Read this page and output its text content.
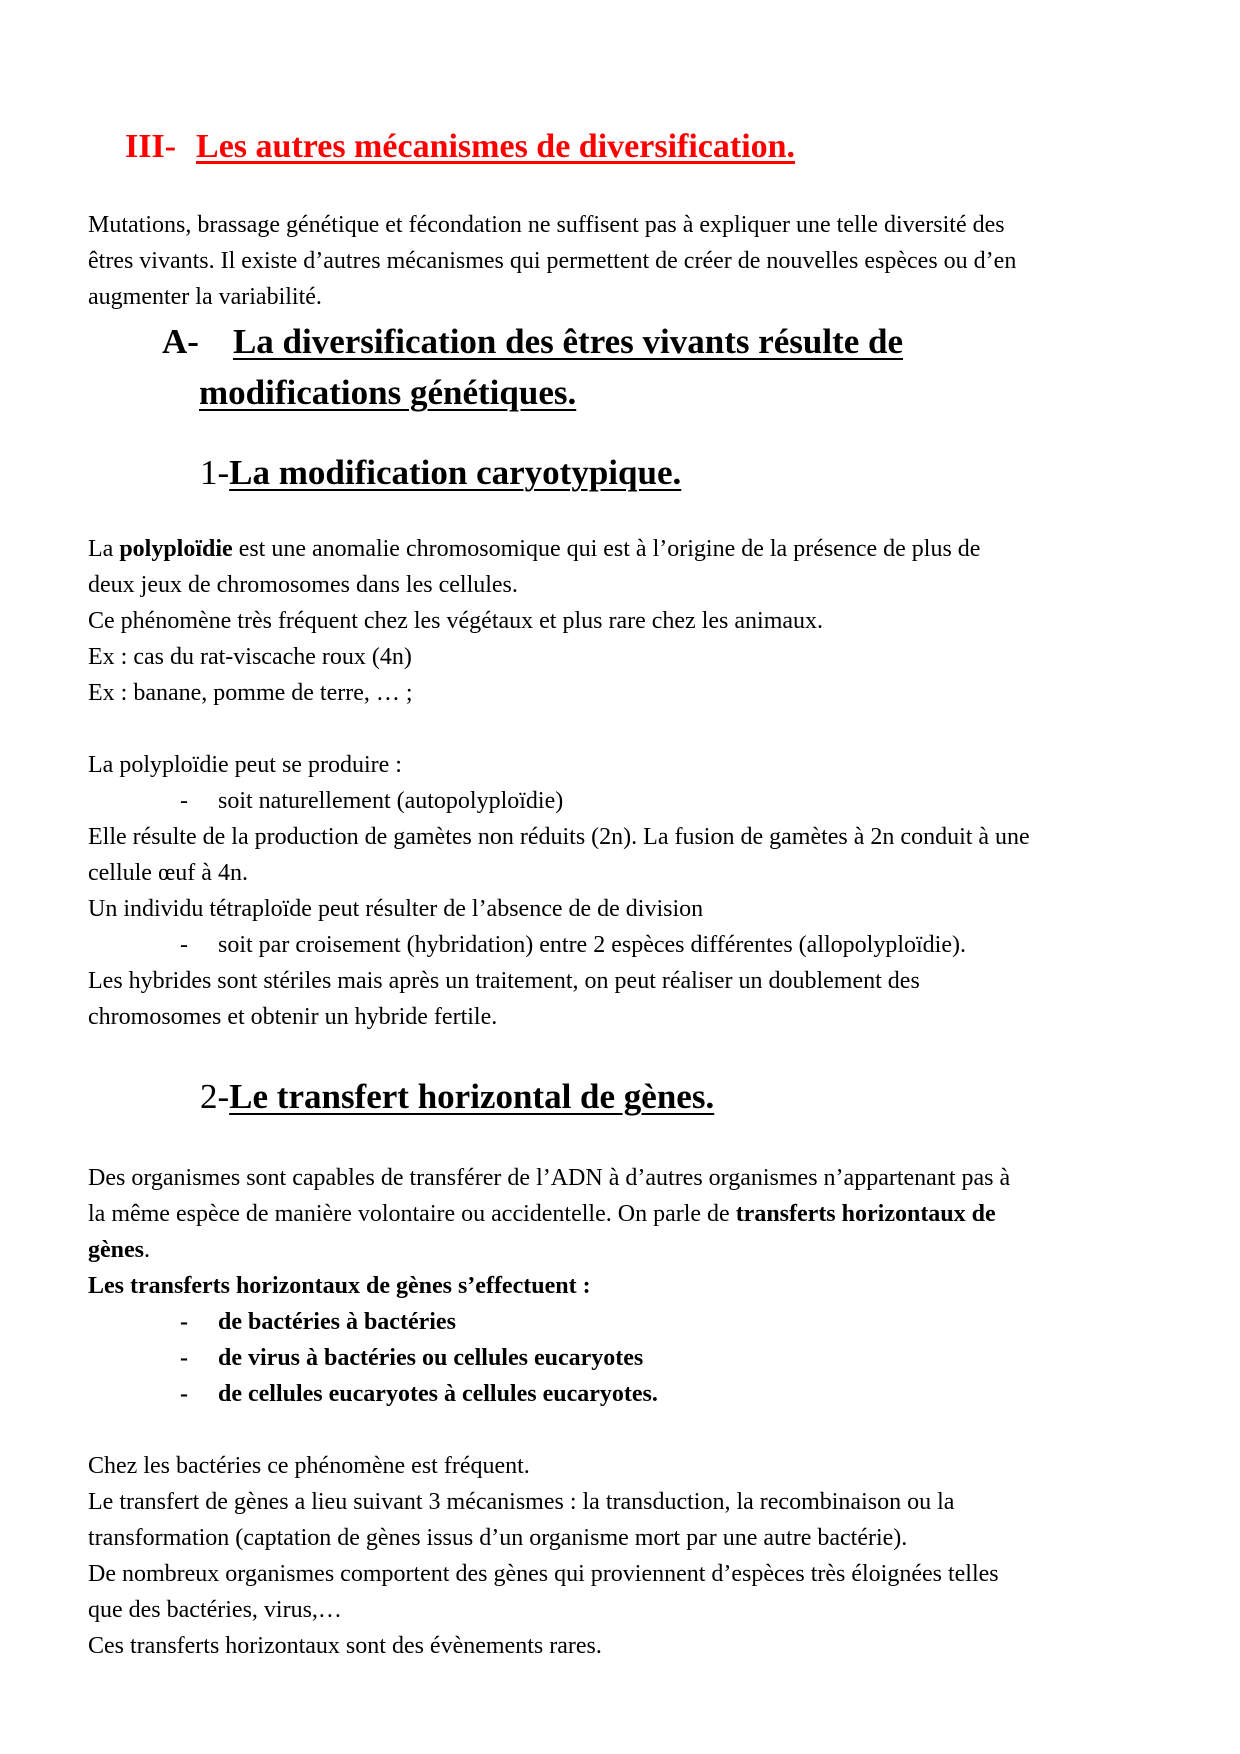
III- Les autres mécanismes de diversification.
Mutations, brassage génétique et fécondation ne suffisent pas à expliquer une telle diversité des
êtres vivants. Il existe d’autres mécanismes qui permettent de créer de nouvelles espèces ou d’en
augmenter la variabilité.
A- La diversification des êtres vivants résulte de
modifications génétiques.
1-La modification caryotypique.
La polyploïdie est une anomalie chromosomique qui est à l’origine de la présence de plus de
deux jeux de chromosomes dans les cellules.
Ce phénomène très fréquent chez les végétaux et plus rare chez les animaux.
Ex : cas du rat-viscache roux (4n)
Ex : banane, pomme de terre, … ;
La polyploïdie peut se produire :
- soit naturellement (autopolyploïdie)
Elle résulte de la production de gamètes non réduits (2n). La fusion de gamètes à 2n conduit à une
cellule œuf à 4n.
Un individu tétraploïde peut résulter de l’absence de de division
- soit par croisement (hybridation) entre 2 espèces différentes (allopolyploïdie).
Les hybrides sont stériles mais après un traitement, on peut réaliser un doublement des
chromosomes et obtenir un hybride fertile.
2-Le transfert horizontal de gènes.
Des organismes sont capables de transférer de l’ADN à d’autres organismes n’appartenant pas à
la même espèce de manière volontaire ou accidentelle. On parle de transferts horizontaux de
gènes.
Les transferts horizontaux de gènes s’effectuent :
- de bactéries à bactéries
- de virus à bactéries ou cellules eucaryotes
- de cellules eucaryotes à cellules eucaryotes.
Chez les bactéries ce phénomène est fréquent.
Le transfert de gènes a lieu suivant 3 mécanismes : la transduction, la recombinaison ou la
transformation (captation de gènes issus d’un organisme mort par une autre bactérie).
De nombreux organismes comportent des gènes qui proviennent d’espèces très éloignées telles
que des bactéries, virus,…
Ces transferts horizontaux sont des évènements rares.
